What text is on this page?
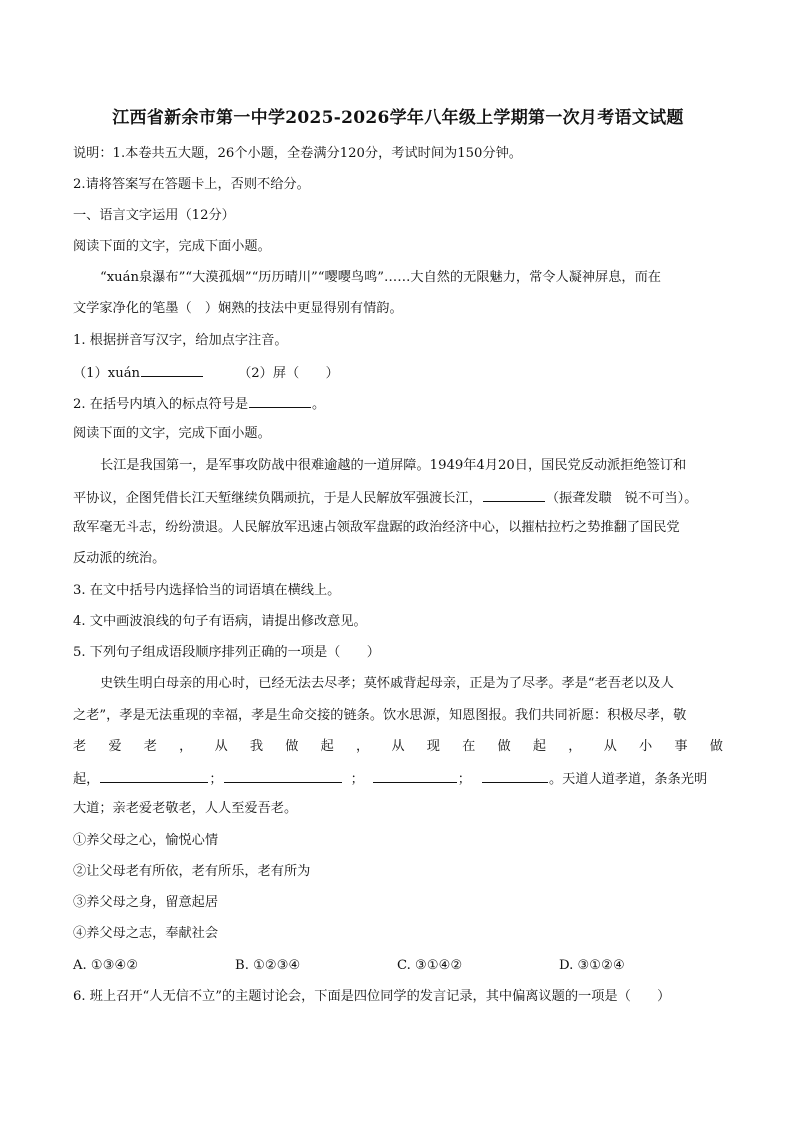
江西省新余市第一中学2025-2026学年八年级上学期第一次月考语文试题
说明：1.本卷共五大题，26个小题，全卷满分120分，考试时间为150分钟。
2.请将答案写在答题卡上，否则不给分。
一、语言文字运用（12分）
阅读下面的文字，完成下面小题。
“xuán泉瀑布”“大漠孤烟”“历历晴川”“嘤嘤鸟鸣”……大自然的无限魅力，常令人凝神屏息，而在
文学家净化的笔墨（　）娴熟的技法中更显得别有情韵。
1. 根据拼音写汉字，给加点字注音。
（1）xuán	（2）屏（　　）
2. 在括号内填入的标点符号是	。
阅读下面的文字，完成下面小题。
长江是我国第一，是军事攻防战中很难逾越的一道屏障。1949年4月20日，国民党反动派拒绝签订和
平协议，企图凭借长江天堑继续负隅顽抗，于是人民解放军强渡长江，	（振聋发聩　锐不可当）。
敌军毫无斗志，纷纷溃退。人民解放军迅速占领敌军盘踞的政治经济中心，以摧枯拉朽之势推翻了国民党
反动派的统治。
3. 在文中括号内选择恰当的词语填在横线上。
4. 文中画波浪线的句子有语病，请提出修改意见。
5. 下列句子组成语段顺序排列正确的一项是（　　）
史铁生明白母亲的用心时，已经无法去尽孝；莫怀戚背起母亲，正是为了尽孝。孝是“老吾老以及人
之老”，孝是无法重现的幸福，孝是生命交接的链条。饮水思源，知恩图报。我们共同祈愿：积极尽孝，敬
老 爱 老 ， 从 我 做 起 ， 从 现 在 做 起 ， 从 小 事 做
起，	；	；	；	。天道人道孝道，条条光明
大道；亲老爱老敬老，人人至爱吾老。
①养父母之心，愉悦心情
②让父母老有所依，老有所乐，老有所为
③养父母之身，留意起居
④养父母之志，奉献社会
A. ①③④②	B. ①②③④	C. ③①④②	D. ③①②④
6. 班上召开“人无信不立”的主题讨论会，下面是四位同学的发言记录，其中偏离议题的一项是（　　）
